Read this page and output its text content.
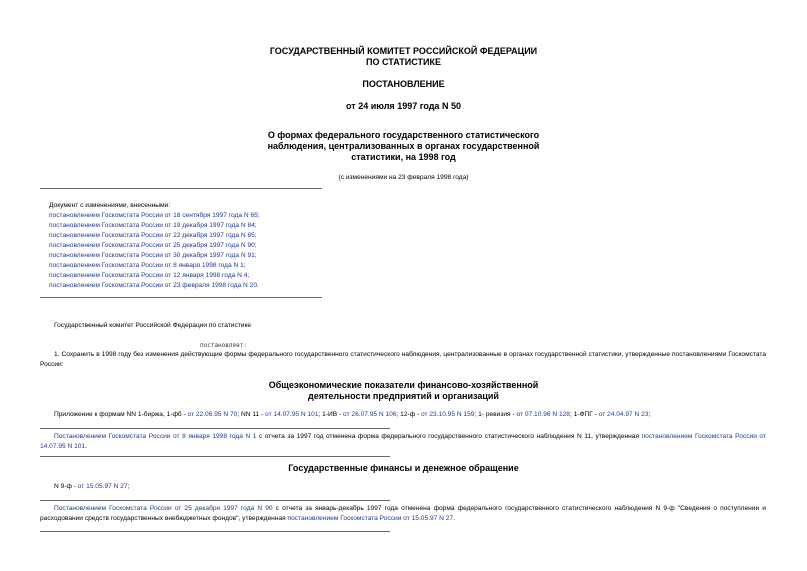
ГОСУДАРСТВЕННЫЙ КОМИТЕТ РОССИЙСКОЙ ФЕДЕРАЦИИ
ПО СТАТИСТИКЕ
ПОСТАНОВЛЕНИЕ
от 24 июля 1997 года N 50
О формах федерального государственного статистического
наблюдения, централизованных в органах государственной
статистики, на 1998 год
(с изменениями на 23 февраля 1998 года)
Документ с изменениями, внесенными:
постановлением Госкомстата России от 18 сентября 1997 года N 65;
постановлением Госкомстата России от 19 декабря 1997 года N 84;
постановлением Госкомстата России от 22 декабря 1997 года N 85;
постановлением Госкомстата России от 25 декабря 1997 года N 90;
постановлением Госкомстата России от 30 декабря 1997 года N 91;
постановлением Госкомстата России от 8 января 1998 года N 1;
постановлением Госкомстата России от 12 января 1998 года N 4;
постановлением Госкомстата России от 23 февраля 1998 года N 20.
Государственный комитет Российской Федерации по статистике
постановляет:
1. Сохранить в 1998 году без изменения действующие формы федерального государственного статистического наблюдения, централизованные в органах государственной статистики, утвержденные постановлениями Госкомстата России:
Общеэкономические показатели финансово-хозяйственной
деятельности предприятий и организаций
Приложение к формам NN 1-биржа, 1-фб - от 22.06.95 N 70; NN 11 - от 14.07.95 N 101; 1-ИВ - от 26.07.95 N 106; 12-ф - от 23.10.95 N 159; 1- ревизия - от 07.10.96 N 128; 1-ФПГ - от 24.04.97 N 23;
Постановлением Госкомстата России от 8 января 1998 года N 1 с отчета за 1997 год отменена форма федерального государственного статистического наблюдения N 11, утвержденная постановлением Госкомстата России от 14.07.95 N 101.
Государственные финансы и денежное обращение
N 9-ф - от 15.05.97 N 27;
Постановлением Госкомстата России от 25 декабря 1997 года N 90 с отчета за январь-декабрь 1997 года отменена форма федерального государственного статистического наблюдения N 9-ф "Сведения о поступлении и расходовании средств государственных внебюджетных фондов", утвержденная постановлением Госкомстата России от 15.05.97 N 27.
